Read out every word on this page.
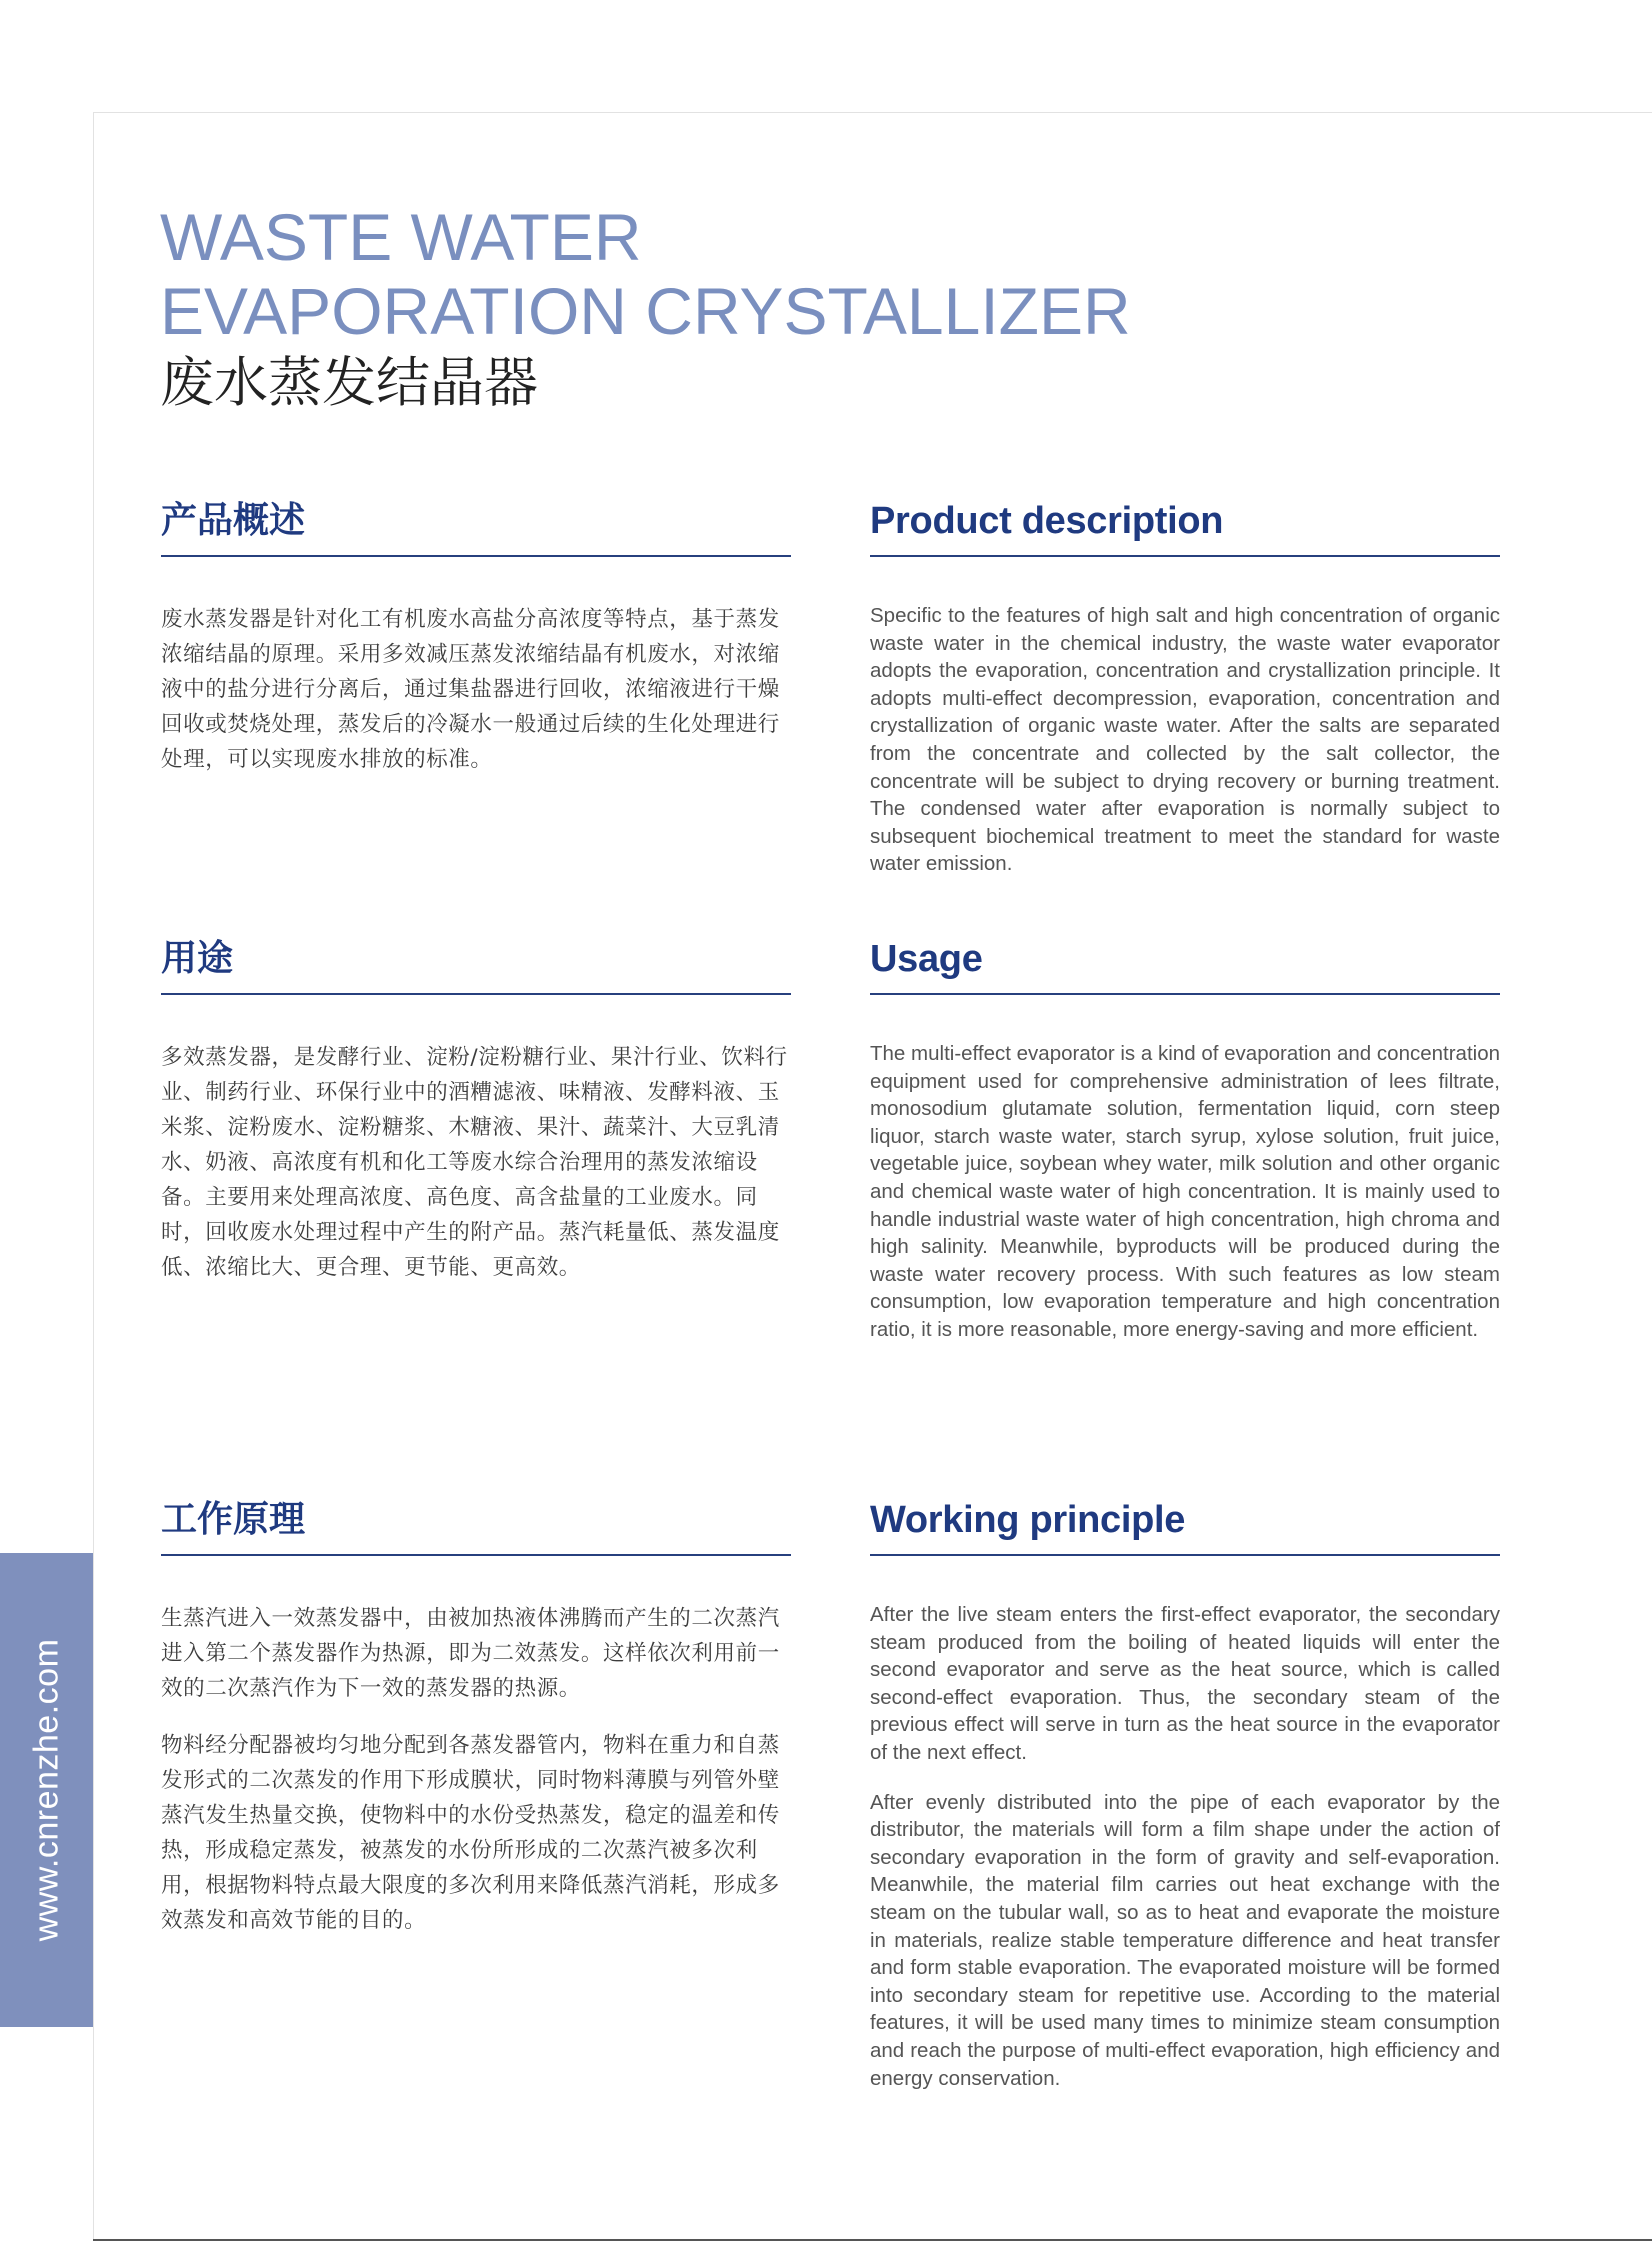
www.cnrenzhe.com
WASTE WATER
EVAPORATION CRYSTALLIZER
废水蒸发结晶器
产品概述

废水蒸发器是针对化工有机废水高盐分高浓度等特点，基于蒸发浓缩结晶的原理。采用多效减压蒸发浓缩结晶有机废水，对浓缩液中的盐分进行分离后，通过集盐器进行回收，浓缩液进行干燥回收或焚烧处理，蒸发后的冷凝水一般通过后续的生化处理进行处理，可以实现废水排放的标准。

Product description

Specific to the features of high salt and high concentration of organic waste water in the chemical industry, the waste water evaporator adopts the evaporation, concentration and crystallization principle. It adopts multi-effect decompression, evaporation, concentration and crystallization of organic waste water. After the salts are separated from the concentrate and collected by the salt collector, the concentrate will be subject to drying recovery or burning treatment. The condensed water after evaporation is normally subject to subsequent biochemical treatment to meet the standard for waste water emission.

用途

多效蒸发器，是发酵行业、淀粉/淀粉糖行业、果汁行业、饮料行业、制药行业、环保行业中的酒糟滤液、味精液、发酵料液、玉米浆、淀粉废水、淀粉糖浆、木糖液、果汁、蔬菜汁、大豆乳清水、奶液、高浓度有机和化工等废水综合治理用的蒸发浓缩设备。主要用来处理高浓度、高色度、高含盐量的工业废水。同时，回收废水处理过程中产生的附产品。蒸汽耗量低、蒸发温度低、浓缩比大、更合理、更节能、更高效。

Usage

The multi-effect evaporator is a kind of evaporation and concentration equipment used for comprehensive administration of lees filtrate, monosodium glutamate solution, fermentation liquid, corn steep liquor, starch waste water, starch syrup, xylose solution, fruit juice, vegetable juice, soybean whey water, milk solution and other organic and chemical waste water of high concentration. It is mainly used to handle industrial waste water of high concentration, high chroma and high salinity. Meanwhile, byproducts will be produced during the waste water recovery process. With such features as low steam consumption, low evaporation temperature and high concentration ratio, it is more reasonable, more energy-saving and more efficient.

工作原理

生蒸汽进入一效蒸发器中，由被加热液体沸腾而产生的二次蒸汽进入第二个蒸发器作为热源，即为二效蒸发。这样依次利用前一效的二次蒸汽作为下一效的蒸发器的热源。

物料经分配器被均匀地分配到各蒸发器管内，物料在重力和自蒸发形式的二次蒸发的作用下形成膜状，同时物料薄膜与列管外壁蒸汽发生热量交换，使物料中的水份受热蒸发，稳定的温差和传热，形成稳定蒸发，被蒸发的水份所形成的二次蒸汽被多次利用，根据物料特点最大限度的多次利用来降低蒸汽消耗，形成多效蒸发和高效节能的目的。

Working principle

After the live steam enters the first-effect evaporator, the secondary steam produced from the boiling of heated liquids will enter the second evaporator and serve as the heat source, which is called second-effect evaporation. Thus, the secondary steam of the previous effect will serve in turn as the heat source in the evaporator of the next effect.

After evenly distributed into the pipe of each evaporator by the distributor, the materials will form a film shape under the action of secondary evaporation in the form of gravity and self-evaporation. Meanwhile, the material film carries out heat exchange with the steam on the tubular wall, so as to heat and evaporate the moisture in materials, realize stable temperature difference and heat transfer and form stable evaporation. The evaporated moisture will be formed into secondary steam for repetitive use. According to the material features, it will be used many times to minimize steam consumption and reach the purpose of multi-effect evaporation, high efficiency and energy conservation.
